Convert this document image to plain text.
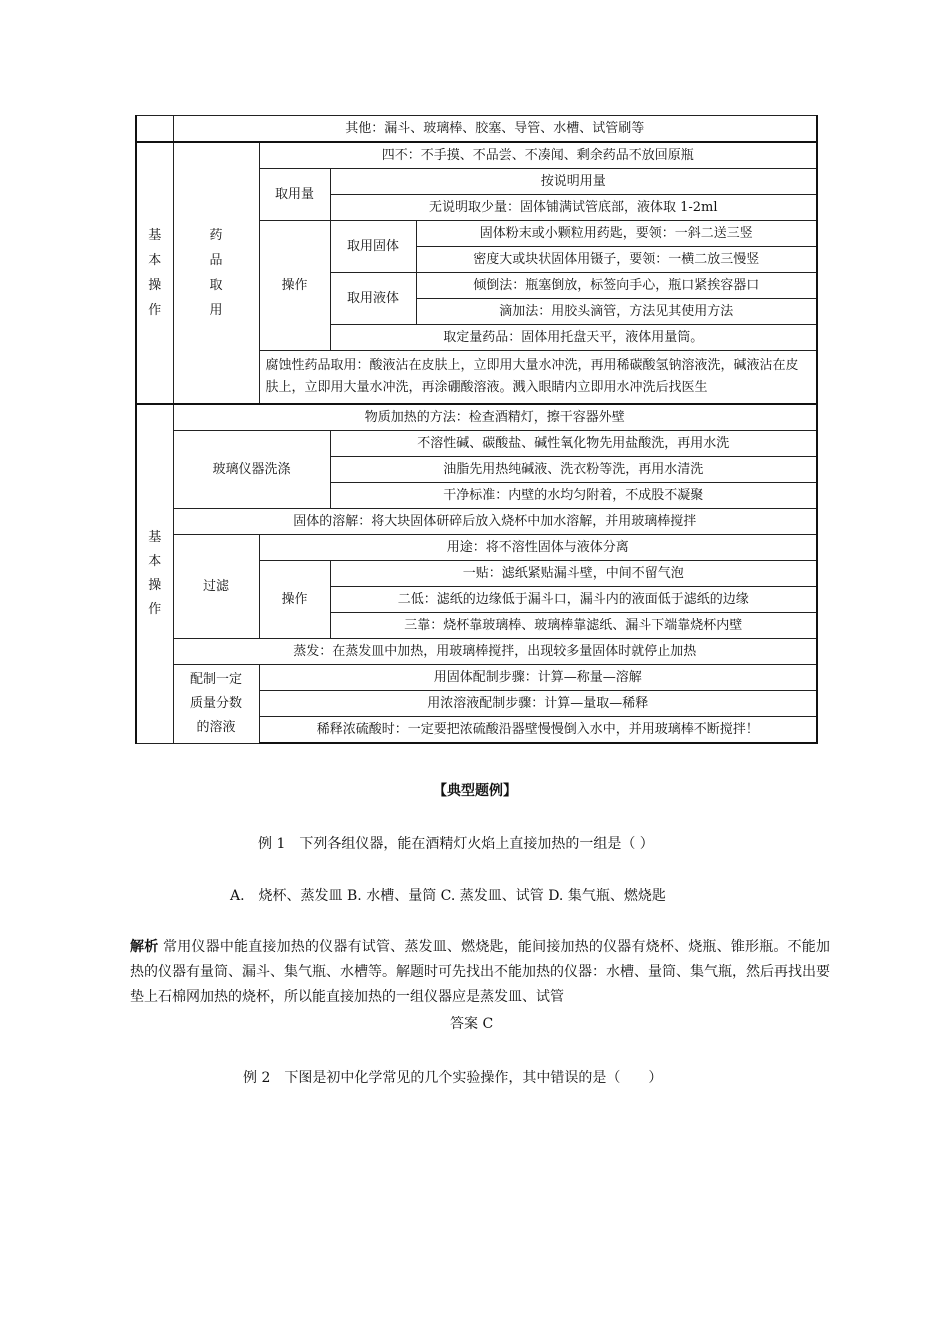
	其他：漏斗、玻璃棒、胶塞、导管、水槽、试管刷等			
基本操作	药品取用	四不：不手摸、不品尝、不凑闻、剩余药品不放回原瓶		
		取用量	按说明用量	
			无说明取少量：固体铺满试管底部，液体取 1-2ml	
		操作	取用固体	固体粉末或小颗粒用药匙，要领：一斜二送三竖
				密度大或块状固体用镊子，要领：一横二放三慢竖
			取用液体	倾倒法：瓶塞倒放，标签向手心，瓶口紧挨容器口
				滴加法：用胶头滴管，方法见其使用方法
			取定量药品：固体用托盘天平，液体用量筒。	
		腐蚀性药品取用：酸液沾在皮肤上，立即用大量水冲洗，再用稀碳酸氢钠溶液洗，碱液沾在皮肤上，立即用大量水冲洗，再涂硼酸溶液。溅入眼睛内立即用水冲洗后找医生		

基本操作	物质加热的方法：检查酒精灯，擦干容器外壁			
	玻璃仪器洗涤		不溶性碱、碳酸盐、碱性氧化物先用盐酸洗，再用水洗	
			油脂先用热纯碱液、洗衣粉等洗，再用水清洗	
			干净标准：内壁的水均匀附着，不成股不凝聚	
	固体的溶解：将大块固体研碎后放入烧杯中加水溶解，并用玻璃棒搅拌			
	过滤	用途：将不溶性固体与液体分离		
		操作	一贴：滤纸紧贴漏斗壁，中间不留气泡	
			二低：滤纸的边缘低于漏斗口，漏斗内的液面低于滤纸的边缘	
			三靠：烧杯靠玻璃棒、玻璃棒靠滤纸、漏斗下端靠烧杯内壁	
	蒸发：在蒸发皿中加热，用玻璃棒搅拌，出现较多量固体时就停止加热			
	配制一定质量分数的溶液	用固体配制步骤：计算—称量—溶解		
		用浓溶液配制步骤：计算—量取—稀释		
		稀释浓硫酸时：一定要把浓硫酸沿器壁慢慢倒入水中，并用玻璃棒不断搅拌！		
【典型题例】
例 1　下列各组仪器，能在酒精灯火焰上直接加热的一组是（ ）
A.　烧杯、蒸发皿 B. 水槽、量筒 C. 蒸发皿、试管 D. 集气瓶、燃烧匙
解析 常用仪器中能直接加热的仪器有试管、蒸发皿、燃烧匙，能间接加热的仪器有烧杯、烧瓶、锥形瓶。不能加热的仪器有量筒、漏斗、集气瓶、水槽等。解题时可先找出不能加热的仪器：水槽、量筒、集气瓶，然后再找出要垫上石棉网加热的烧杯，所以能直接加热的一组仪器应是蒸发皿、试管
答案 C
例 2　下图是初中化学常见的几个实验操作，其中错误的是（　　）
